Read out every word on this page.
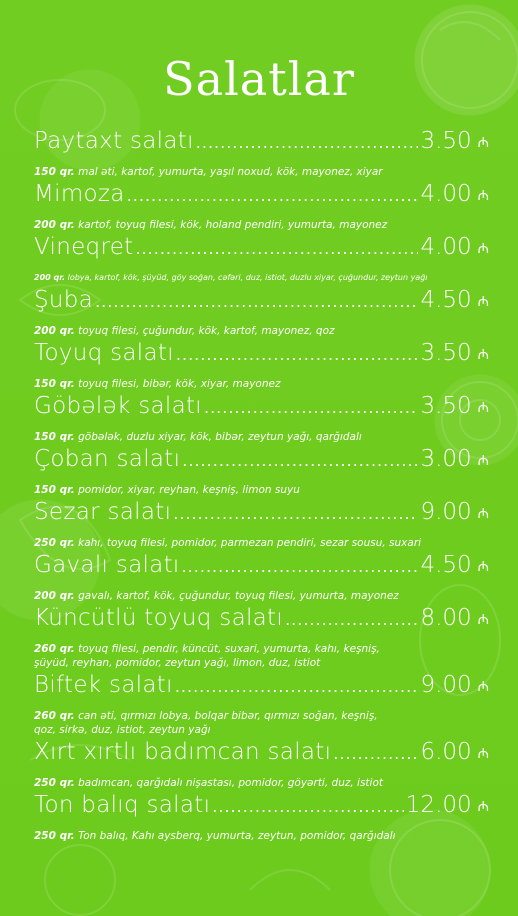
Salatlar
Paytaxt salatı .....	3.50 ₼
150 qr. mal əti, kartof, yumurta, yaşıl noxud, kök, mayonez, xiyar
Mimoza .....	4.00 ₼
200 qr. kartof, toyuq filesi, kök, holand pendiri, yumurta, mayonez
Vineqret .....	4.00 ₼
200 qr. lobya, kartof, kök, şüyüd, göy soğan, cəfəri, duz, istiot, duzlu xiyar, çuğundur, zeytun yağı
Şuba .....	4.50 ₼
200 qr. toyuq filesi, çuğundur, kök, kartof, mayonez, qoz
Toyuq salatı .....	3.50 ₼
150 qr. toyuq filesi, bibər, kök, xiyar, mayonez
Göbələk salatı .....	3.50 ₼
150 qr. göbələk, duzlu xiyar, kök, bibər, zeytun yağı, qarğıdalı
Çoban salatı .....	3.00 ₼
150 qr. pomidor, xiyar, reyhan, keşniş, limon suyu
Sezar salatı .....	9.00 ₼
250 qr. kahı, toyuq filesi, pomidor, parmezan pendiri, sezar sousu, suxari
Gavalı salatı .....	4.50 ₼
200 qr. gavalı, kartof, kök, çuğundur, toyuq filesi, yumurta, mayonez
Küncütlü toyuq salatı .....	8.00 ₼
260 qr. toyuq filesi, pendir, küncüt, suxari, yumurta, kahı, keşniş,
şüyüd, reyhan, pomidor, zeytun yağı, limon, duz, istiot
Biftek salatı .....	9.00 ₼
260 qr. can əti, qırmızı lobya, bolqar bibər, qırmızı soğan, keşniş,
qoz, sirkə, duz, istiot, zeytun yağı
Xırt xırtlı badımcan salatı .....	6.00 ₼
250 qr. badımcan, qarğıdalı nişastası, pomidor, göyərti, duz, istiot
Ton balıq salatı .....	12.00 ₼
250 qr. Ton balıq, Kahı aysberq, yumurta, zeytun, pomidor, qarğıdalı
